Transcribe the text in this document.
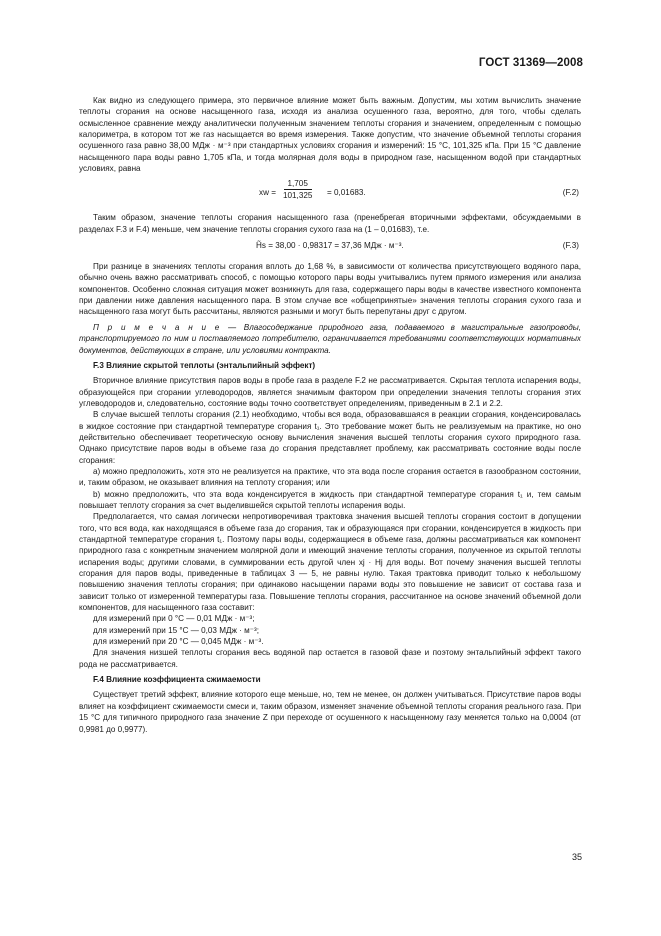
ГОСТ 31369—2008

Как видно из следующего примера, это первичное влияние может быть важным. Допустим, мы хотим вычислить значение теплоты сгорания на основе насыщенного газа, исходя из анализа осушенного газа, вероятно, для того, чтобы сделать осмысленное сравнение между аналитически полученным значением теплоты сгорания и значением, определенным с помощью калориметра, в котором тот же газ насыщается во время измерения. Также допустим, что значение объемной теплоты сгорания осушенного газа равно 38,00 МДж · м⁻³ при стандартных условиях сгорания и измерений: 15 °С, 101,325 кПа. При 15 °С давление насыщенного пара воды равно 1,705 кПа, и тогда молярная доля воды в природном газе, насыщенном водой при стандартных условиях, равна

xw = $\frac{1,705}{101,325} = 0,01683$.	(F.2)

Таким образом, значение теплоты сгорания насыщенного газа (пренебрегая вторичными эффектами, обсуждаемыми в разделах F.3 и F.4) меньше, чем значение теплоты сгорания сухого газа на (1 – 0,01683), т.е.

H̃s = 38,00 · 0,98317 = 37,36 МДж · м⁻³.	(F.3)

При разнице в значениях теплоты сгорания вплоть до 1,68 %, в зависимости от количества присутствующего водяного пара, обычно очень важно рассматривать способ, с помощью которого пары воды учитывались путем прямого измерения или анализа компонентов. Особенно сложная ситуация может возникнуть для газа, содержащего пары воды в качестве известного компонента при давлении ниже давления насыщенного пара. В этом случае все «общепринятые» значения теплоты сгорания сухого газа и насыщенного газа могут быть рассчитаны, являются разными и могут быть перепутаны друг с другом.

П р и м е ч а н и е — Влагосодержание природного газа, подаваемого в магистральные газопроводы, транспортируемого по ним и поставляемого потребителю, ограничивается требованиями соответствующих нормативных документов, действующих в стране, или условиями контракта.

F.3 Влияние скрытой теплоты (энтальпийный эффект)

Вторичное влияние присутствия паров воды в пробе газа в разделе F.2 не рассматривается. Скрытая теплота испарения воды, образующейся при сгорании углеводородов, является значимым фактором при определении значения теплоты сгорания этих углеводородов и, следовательно, состояние воды точно соответствует определениям, приведенным в 2.1 и 2.2.

В случае высшей теплоты сгорания (2.1) необходимо, чтобы вся вода, образовавшаяся в реакции сгорания, конденсировалась в жидкое состояние при стандартной температуре сгорания t₁. Это требование может быть не реализуемым на практике, но оно действительно обеспечивает теоретическую основу вычисления значения высшей теплоты сгорания сухого природного газа. Однако присутствие паров воды в объеме газа до сгорания представляет проблему, как рассматривать состояние воды после сгорания:

а) можно предположить, хотя это не реализуется на практике, что эта вода после сгорания остается в газообразном состоянии, и, таким образом, не оказывает влияния на теплоту сгорания; или

b) можно предположить, что эта вода конденсируется в жидкость при стандартной температуре сгорания t₁ и, тем самым повышает теплоту сгорания за счет выделившейся скрытой теплоты испарения воды.

Предполагается, что самая логически непротиворечивая трактовка значения высшей теплоты сгорания состоит в допущении того, что вся вода, как находящаяся в объеме газа до сгорания, так и образующаяся при сгорании, конденсируется в жидкость при стандартной температуре сгорания t₁. Поэтому пары воды, содержащиеся в объеме газа, должны рассматриваться как компонент природного газа с конкретным значением молярной доли и имеющий значение теплоты сгорания, полученное из скрытой теплоты испарения воды; другими словами, в суммировании есть другой член xj · Hj для воды. Вот почему значения высшей теплоты сгорания для паров воды, приведенные в таблицах 3 — 5, не равны нулю. Такая трактовка приводит только к небольшому повышению значения теплоты сгорания; при одинаково насыщении парами воды это повышение не зависит от состава газа и зависит только от измеренной температуры газа. Повышение теплоты сгорания, рассчитанное на основе значений объемной доли компонентов, для насыщенного газа составит:

для измерений при 0 °С — 0,01 МДж · м⁻³;

для измерений при 15 °С — 0,03 МДж · м⁻³;

для измерений при 20 °С — 0,045 МДж · м⁻³.

Для значения низшей теплоты сгорания весь водяной пар остается в газовой фазе и поэтому энтальпийный эффект такого рода не рассматривается.

F.4 Влияние коэффициента сжимаемости

Существует третий эффект, влияние которого еще меньше, но, тем не менее, он должен учитываться. Присутствие паров воды влияет на коэффициент сжимаемости смеси и, таким образом, изменяет значение объемной теплоты сгорания реального газа. При 15 °С для типичного природного газа значение Z при переходе от осушенного к насыщенному газу меняется только на 0,0004 (от 0,9981 до 0,9977).

35
